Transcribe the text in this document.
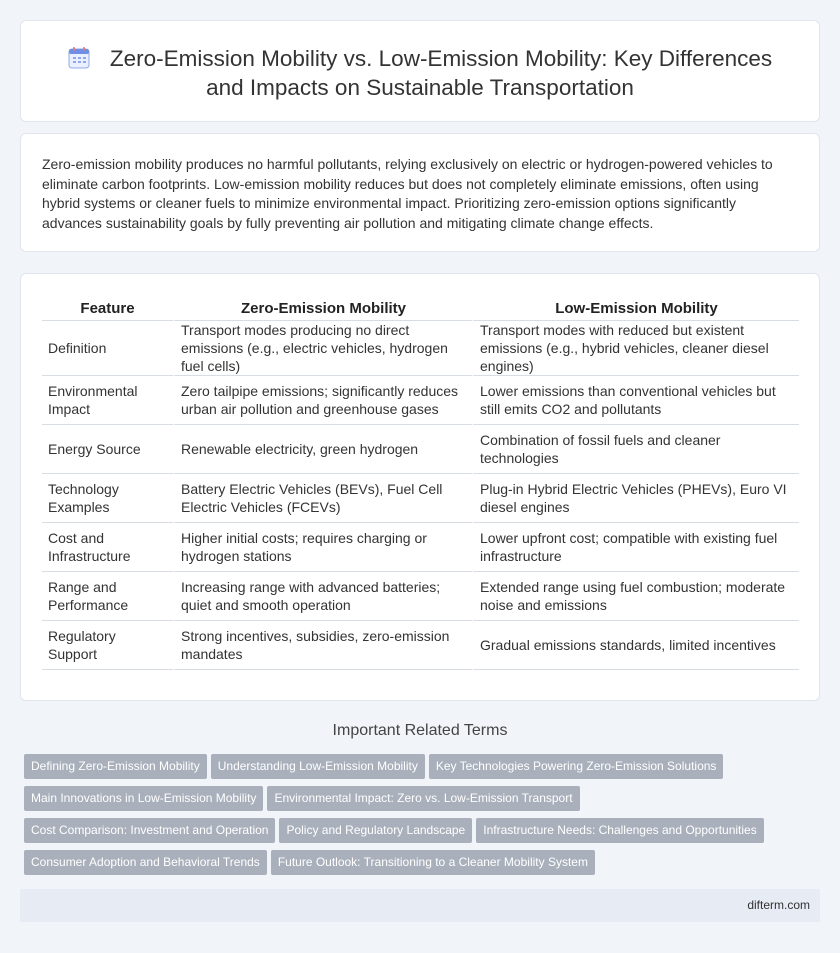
Zero-Emission Mobility vs. Low-Emission Mobility: Key Differences and Impacts on Sustainable Transportation

Zero-emission mobility produces no harmful pollutants, relying exclusively on electric or hydrogen-powered vehicles to eliminate carbon footprints. Low-emission mobility reduces but does not completely eliminate emissions, often using hybrid systems or cleaner fuels to minimize environmental impact. Prioritizing zero-emission options significantly advances sustainability goals by fully preventing air pollution and mitigating climate change effects.

Feature	Zero-Emission Mobility	Low-Emission Mobility
Definition	Transport modes producing no direct emissions (e.g., electric vehicles, hydrogen fuel cells)	Transport modes with reduced but existent emissions (e.g., hybrid vehicles, cleaner diesel engines)
Environmental Impact	Zero tailpipe emissions; significantly reduces urban air pollution and greenhouse gases	Lower emissions than conventional vehicles but still emits CO2 and pollutants
Energy Source	Renewable electricity, green hydrogen	Combination of fossil fuels and cleaner technologies
Technology Examples	Battery Electric Vehicles (BEVs), Fuel Cell Electric Vehicles (FCEVs)	Plug-in Hybrid Electric Vehicles (PHEVs), Euro VI diesel engines
Cost and Infrastructure	Higher initial costs; requires charging or hydrogen stations	Lower upfront cost; compatible with existing fuel infrastructure
Range and Performance	Increasing range with advanced batteries; quiet and smooth operation	Extended range using fuel combustion; moderate noise and emissions
Regulatory Support	Strong incentives, subsidies, zero-emission mandates	Gradual emissions standards, limited incentives
Important Related Terms
Defining Zero-Emission Mobility Understanding Low-Emission Mobility Key Technologies Powering Zero-Emission Solutions
Main Innovations in Low-Emission Mobility Environmental Impact: Zero vs. Low-Emission Transport
Cost Comparison: Investment and Operation Policy and Regulatory Landscape Infrastructure Needs: Challenges and Opportunities
Consumer Adoption and Behavioral Trends Future Outlook: Transitioning to a Cleaner Mobility System
difterm.com
